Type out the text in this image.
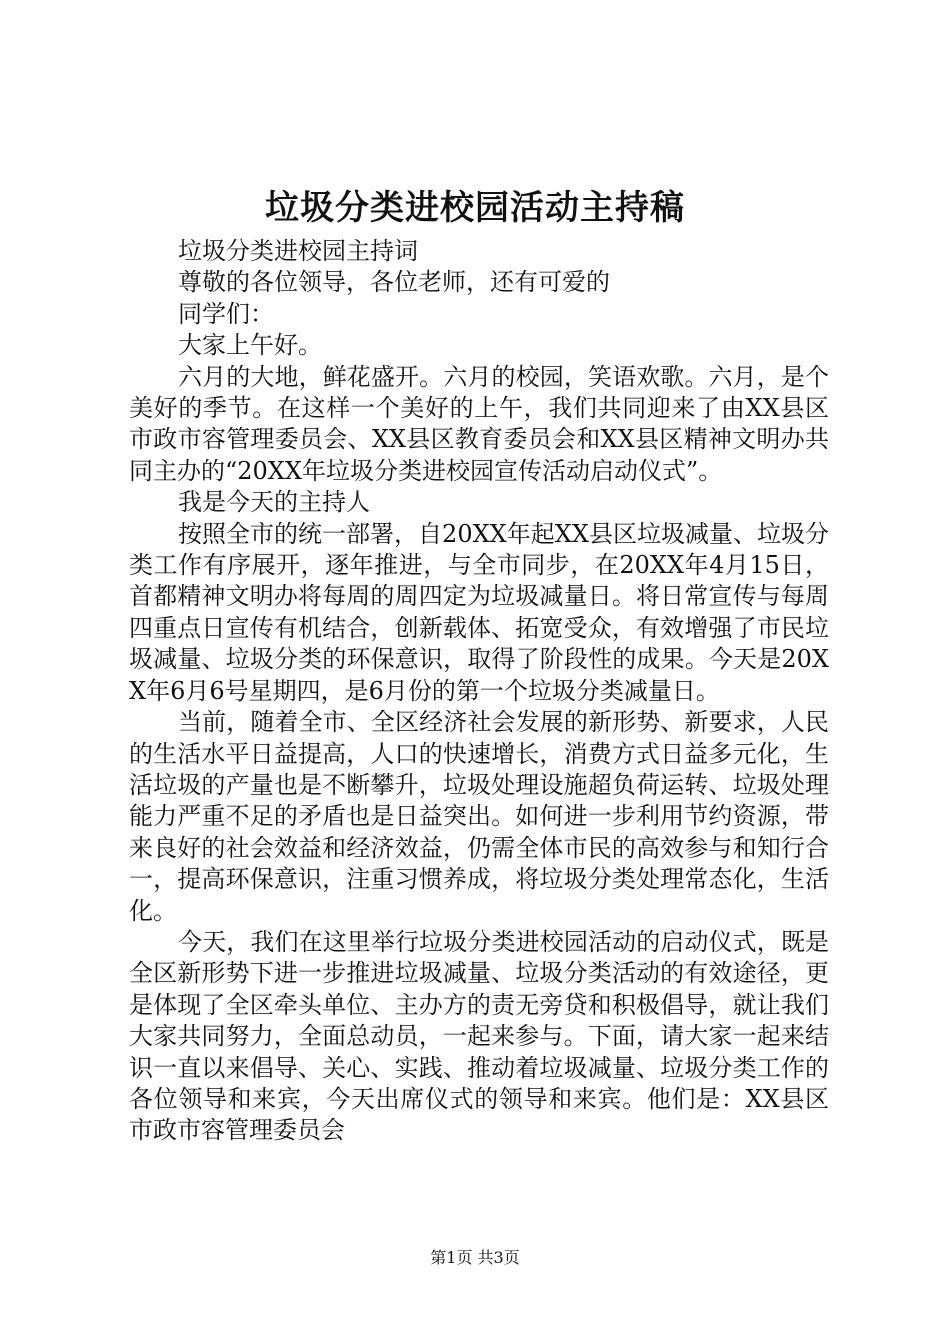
垃圾分类进校园活动主持稿

垃圾分类进校园主持词

尊敬的各位领导，各位老师，还有可爱的

同学们：

大家上午好。

六月的大地，鲜花盛开。六月的校园，笑语欢歌。六月，是个美好的季节。在这样一个美好的上午，我们共同迎来了由XX县区市政市容管理委员会、XX县区教育委员会和XX县区精神文明办共同主办的“20XX年垃圾分类进校园宣传活动启动仪式”。

我是今天的主持人

按照全市的统一部署，自20XX年起XX县区垃圾减量、垃圾分类工作有序展开，逐年推进，与全市同步，在20XX年4月15日，首都精神文明办将每周的周四定为垃圾减量日。将日常宣传与每周四重点日宣传有机结合，创新载体、拓宽受众，有效增强了市民垃圾减量、垃圾分类的环保意识，取得了阶段性的成果。今天是20XX年6月6号星期四，是6月份的第一个垃圾分类减量日。

当前，随着全市、全区经济社会发展的新形势、新要求，人民的生活水平日益提高，人口的快速增长，消费方式日益多元化，生活垃圾的产量也是不断攀升，垃圾处理设施超负荷运转、垃圾处理能力严重不足的矛盾也是日益突出。如何进一步利用节约资源，带来良好的社会效益和经济效益，仍需全体市民的高效参与和知行合一，提高环保意识，注重习惯养成，将垃圾分类处理常态化，生活化。

今天，我们在这里举行垃圾分类进校园活动的启动仪式，既是全区新形势下进一步推进垃圾减量、垃圾分类活动的有效途径，更是体现了全区牵头单位、主办方的责无旁贷和积极倡导，就让我们大家共同努力，全面总动员，一起来参与。下面，请大家一起来结识一直以来倡导、关心、实践、推动着垃圾减量、垃圾分类工作的各位领导和来宾，今天出席仪式的领导和来宾。他们是：XX县区市政市容管理委员会

第1页 共3页
